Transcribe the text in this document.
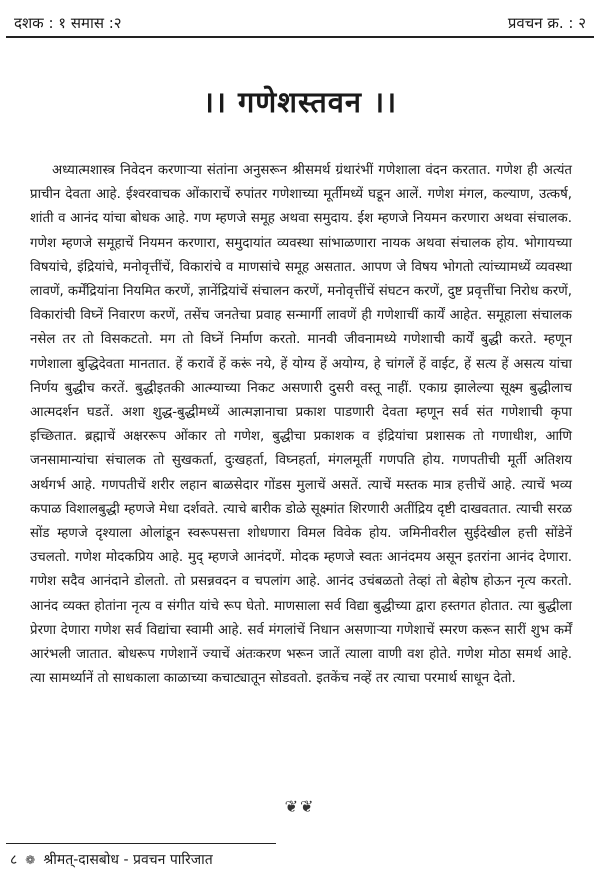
दशक : १ समास :२	प्रवचन क्र. : २
।। गणेशस्तवन ।।

अध्यात्मशास्त्र निवेदन करणाऱ्या संतांना अनुसरून श्रीसमर्थ ग्रंथारंभीं गणेशाला वंदन करतात. गणेश ही अत्यंत प्राचीन देवता आहे. ईश्वरवाचक ओंकाराचें रुपांतर गणेशाच्या मूर्तीमध्यें घडून आलें. गणेश मंगल, कल्याण, उत्कर्ष, शांती व आनंद यांचा बोधक आहे. गण म्हणजे समूह अथवा समुदाय. ईश म्हणजे नियमन करणारा अथवा संचालक. गणेश म्हणजे समूहाचें नियमन करणारा, समुदायांत व्यवस्था सांभाळणारा नायक अथवा संचालक होय. भोगायच्या विषयांचे, इंद्रियांचे, मनोवृत्तींचें, विकारांचे व माणसांचे समूह असतात. आपण जे विषय भोगतो त्यांच्यामध्यें व्यवस्था लावणें, कर्मेंद्रियांना नियमित करणें, ज्ञानेंद्रियांचें संचालन करणें, मनोवृत्तींचें संघटन करणें, दुष्ट प्रवृत्तींचा निरोध करणें, विकारांची विघ्नें निवारण करणें, तसेंच जनतेचा प्रवाह सन्मार्गी लावणें ही गणेशाचीं कार्यें आहेत. समूहाला संचालक नसेल तर तो विसकटतो. मग तो विघ्नें निर्माण करतो. मानवी जीवनामध्ये गणेशाची कार्यें बुद्धी करते. म्हणून गणेशाला बुद्धिदेवता मानतात. हें करावें हें करूं नये, हें योग्य हें अयोग्य, हे चांगलें हें वाईट, हें सत्य हें असत्य यांचा निर्णय बुद्धीच करतें. बुद्धीइतकी आत्म्याच्या निकट असणारी दुसरी वस्तू नाहीं. एकाग्र झालेल्या सूक्ष्म बुद्धीलाच आत्मदर्शन घडतें. अशा शुद्ध-बुद्धीमध्यें आत्मज्ञानाचा प्रकाश पाडणारी देवता म्हणून सर्व संत गणेशाची कृपा इच्छितात. ब्रह्माचें अक्षररूप ओंकार तो गणेश, बुद्धीचा प्रकाशक व इंद्रियांचा प्रशासक तो गणाधीश, आणि जनसामान्यांचा संचालक तो सुखकर्ता, दुःखहर्ता, विघ्नहर्ता, मंगलमूर्ती गणपति होय. गणपतीची मूर्ती अतिशय अर्थगर्भ आहे. गणपतीचें शरीर लहान बाळसेदार गोंडस मुलाचें असतें. त्याचें मस्तक मात्र हत्तीचें आहे. त्याचें भव्य कपाळ विशालबुद्धी म्हणजे मेधा दर्शवते. त्याचे बारीक डोळे सूक्ष्मांत शिरणारी अतींद्रिय दृष्टी दाखवतात. त्याची सरळ सोंड म्हणजे दृश्याला ओलांडून स्वरूपसत्ता शोधणारा विमल विवेक होय. जमिनीवरील सुईदेखील हत्ती सोंडेनें उचलतो. गणेश मोदकप्रिय आहे. मुद् म्हणजे आनंदणें. मोदक म्हणजे स्वतः आनंदमय असून इतरांना आनंद देणारा. गणेश सदैव आनंदाने डोलतो. तो प्रसन्नवदन व चपलांग आहे. आनंद उचंबळतो तेव्हां तो बेहोष होऊन नृत्य करतो. आनंद व्यक्त होतांना नृत्य व संगीत यांचे रूप घेतो. माणसाला सर्व विद्या बुद्धीच्या द्वारा हस्तगत होतात. त्या बुद्धीला प्रेरणा देणारा गणेश सर्व विद्यांचा स्वामी आहे. सर्व मंगलांचें निधान असणाऱ्या गणेशाचें स्मरण करून सारीं शुभ कर्में आरंभली जातात. बोधरूप गणेशानें ज्याचें अंतःकरण भरून जातें त्याला वाणी वश होते. गणेश मोठा समर्थ आहे. त्या सामर्थ्यानें तो साधकाला काळाच्या कचाट्यातून सोडवतो. इतकेंच नव्हें तर त्याचा परमार्थ साधून देतो.

❦❦
८ ❁ श्रीमत्-दासबोध - प्रवचन पारिजात
